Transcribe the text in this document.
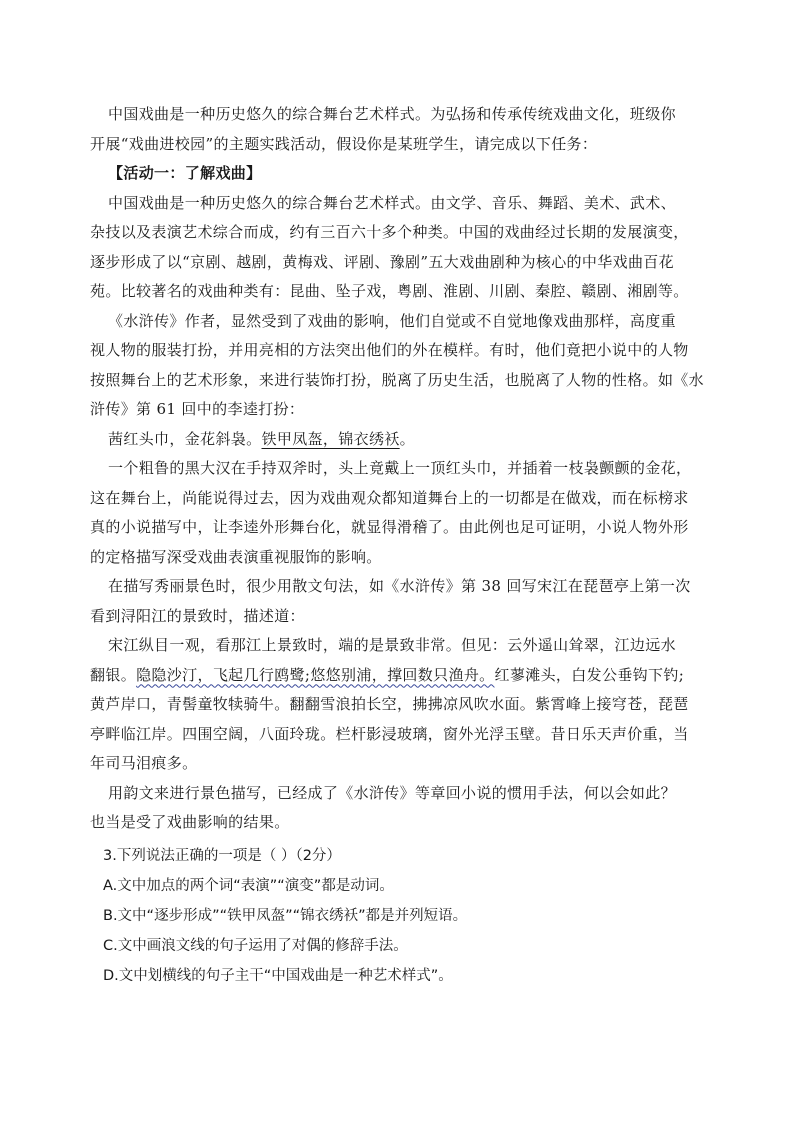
中国戏曲是一种历史悠久的综合舞台艺术样式。为弘扬和传承传统戏曲文化，班级你
开展“戏曲进校园”的主题实践活动，假设你是某班学生，请完成以下任务：
【活动一：了解戏曲】
中国戏曲是一种历史悠久的综合舞台艺术样式。由文学、音乐、舞蹈、美术、武术、
杂技以及表演艺术综合而成，约有三百六十多个种类。中国的戏曲经过长期的发展演变，
逐步形成了以“京剧、越剧，黄梅戏、评剧、豫剧”五大戏曲剧种为核心的中华戏曲百花
苑。比较著名的戏曲种类有：昆曲、坠子戏，粤剧、淮剧、川剧、秦腔、赣剧、湘剧等。
《水浒传》作者，显然受到了戏曲的影响，他们自觉或不自觉地像戏曲那样，高度重
视人物的服装打扮，并用亮相的方法突出他们的外在模样。有时，他们竟把小说中的人物
按照舞台上的艺术形象，来进行装饰打扮，脱离了历史生活，也脱离了人物的性格。如《水
浒传》第 61 回中的李逵打扮：
茜红头巾，金花斜袅。铁甲凤盔，锦衣绣袄。
一个粗鲁的黑大汉在手持双斧时，头上竟戴上一顶红头巾，并插着一枝袅颤颤的金花，
这在舞台上，尚能说得过去，因为戏曲观众都知道舞台上的一切都是在做戏，而在标榜求
真的小说描写中，让李逵外形舞台化，就显得滑稽了。由此例也足可证明，小说人物外形
的定格描写深受戏曲表演重视服饰的影响。
在描写秀丽景色时，很少用散文句法，如《水浒传》第 38 回写宋江在琵琶亭上第一次
看到浔阳江的景致时，描述道：
宋江纵目一观，看那江上景致时，端的是景致非常。但见：云外遥山耸翠，江边远水
翻银。隐隐沙汀，飞起几行鸥鹭;悠悠别浦，撑回数只渔舟。红蓼滩头，白发公垂钩下钓;
黄芦岸口，青髻童牧犊骑牛。翻翻雪浪拍长空，拂拂凉风吹水面。紫霄峰上接穹苍，琵琶
亭畔临江岸。四围空阔，八面玲珑。栏杆影浸玻璃，窗外光浮玉壁。昔日乐天声价重，当
年司马泪痕多。
用韵文来进行景色描写，已经成了《水浒传》等章回小说的惯用手法，何以会如此？
也当是受了戏曲影响的结果。
3.下列说法正确的一项是（ ）（2分）
A.文中加点的两个词“表演”“演变”都是动词。
B.文中“逐步形成”“铁甲凤盔”“锦衣绣袄”都是并列短语。
C.文中画浪文线的句子运用了对偶的修辞手法。
D.文中划横线的句子主干“中国戏曲是一种艺术样式”。
